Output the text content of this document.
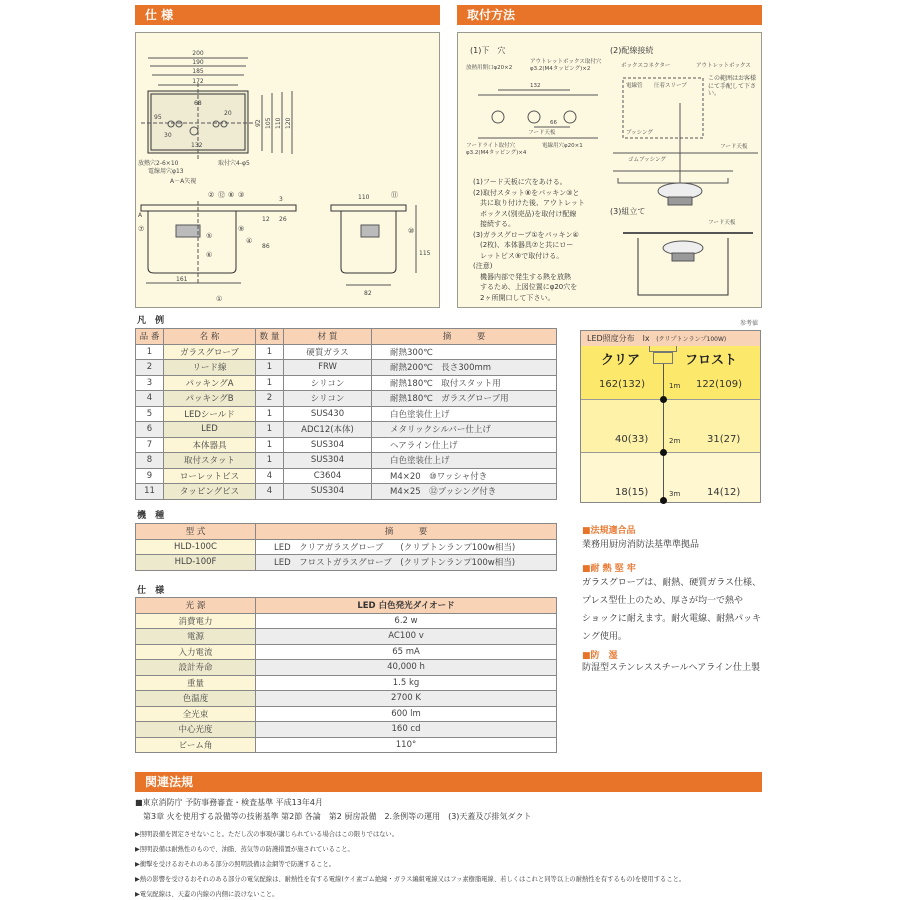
仕 様	取付方法
200
190
185
172
68
20
95
30
132
92 105 110 120
放熱穴2-6×10
電線用穴φ13
取付穴4-φ5
A－A矢視
A
3
26
12
86
161
110
115
82
①
② ⑫ ⑧ ③
④
⑤
⑥
⑦	⑨
⑪
⑩
(1)下　穴	(2)配線接続
(3)組立て
放熱用開口φ20×2
アウトレットボックス取付穴 φ3.2(M4タッピング)×2
132
66
フード天板
フードライト取付穴 φ3.2(M4タッピング)×4
電線用穴φ20×1
ボックスコネクター	アウトレットボックス
電線管 圧着スリーブ
この範囲はお客様にて手配して下さい。
ブッシング
フード天板
ゴムブッシング
フード天板
(1)フード天板に穴をあける。
(2)取付スタット⑧をパッキン③と
　共に取り付けた後、アウトレット
　ボックス(別売品)を取付け配線
　接続する。
(3)ガラスグローブ①をパッキン④
　(2枚)、本体器具⑦と共にロー
　レットビス⑨で取付ける。
(注意)
　機器内部で発生する熱を放熱
　するため、上図位置にφ20穴を
　2ヶ所開口して下さい。
凡 例
品 番	名 称	数 量	材 質	摘　　　要
1	ガラスグローブ	1	硬質ガラス	耐熱300℃
2	リード線	1	FRW	耐熱200℃　長さ300mm
3	パッキングA	1	シリコン	耐熱180℃　取付スタット用
4	パッキングB	2	シリコン	耐熱180℃　ガラスグローブ用
5	LEDシールド	1	SUS430	白色塗装仕上げ
6	LED	1	ADC12(本体)	メタリックシルバー仕上げ
7	本体器具	1	SUS304	ヘアライン仕上げ
8	取付スタット	1	SUS304	白色塗装仕上げ
9	ローレットビス	4	C3604	M4×20　⑩ワッシャ付き
11	タッピングビス	4	SUS304	M4×25　⑫ブッシング付き
機 種
型 式	摘　　　要
HLD-100C	LED　クリアガラスグローブ　　(クリプトンランプ100w相当)
HLD-100F	LED　フロストガラスグローブ　(クリプトンランプ100w相当)
仕 様
光 源	LED 白色発光ダイオード
消費電力	6.2 w
電源	AC100 v
入力電流	65 mA
設計寿命	40,000 h
重量	1.5 kg
色温度	2700 K
全光束	600 lm
中心光度	160 cd
ビーム角	110°
参考値
LED照度分布　lx (クリプトンランプ100W)
クリア	フロスト
162(132)	1m 122(109)
40(33)	2m	31(27)
18(15)	3m	14(12)
■法規適合品
業務用厨房消防法基準準拠品
■耐 熱 堅 牢
ガラスグローブは、耐熱、硬質ガラス仕様、
プレス型仕上のため、厚さが均一で熱や
ショックに耐えます。耐火電線、耐熱パッキ
ング使用。
■防　湿
防湿型ステンレススチールヘアライン仕上製
関連法規
■東京消防庁 予防事務審査・検査基準 平成13年4月
　第3章 火を使用する設備等の技術基準 第2節 各論　第2 厨房設備　2.条例等の運用　(3)天蓋及び排気ダクト
▶照明設備を固定させないこと。ただし次の事項が講じられている場合はこの限りではない。
▶照明設備は耐熱性のもので、油脂、蒸気等の防護措置が施されていること。
▶衝撃を受けるおそれのある部分の照明設備は金網等で防護すること。
▶熱の影響を受けるおそれのある部分の電気配線は、耐熱性を有する電線(ケイ素ゴム絶縁・ガラス編組電線又はフッ素樹脂電線、若しくはこれと同等以上の耐熱性を有するもの)を使用すること。
▶電気配線は、天蓋の内線の内側に設けないこと。
